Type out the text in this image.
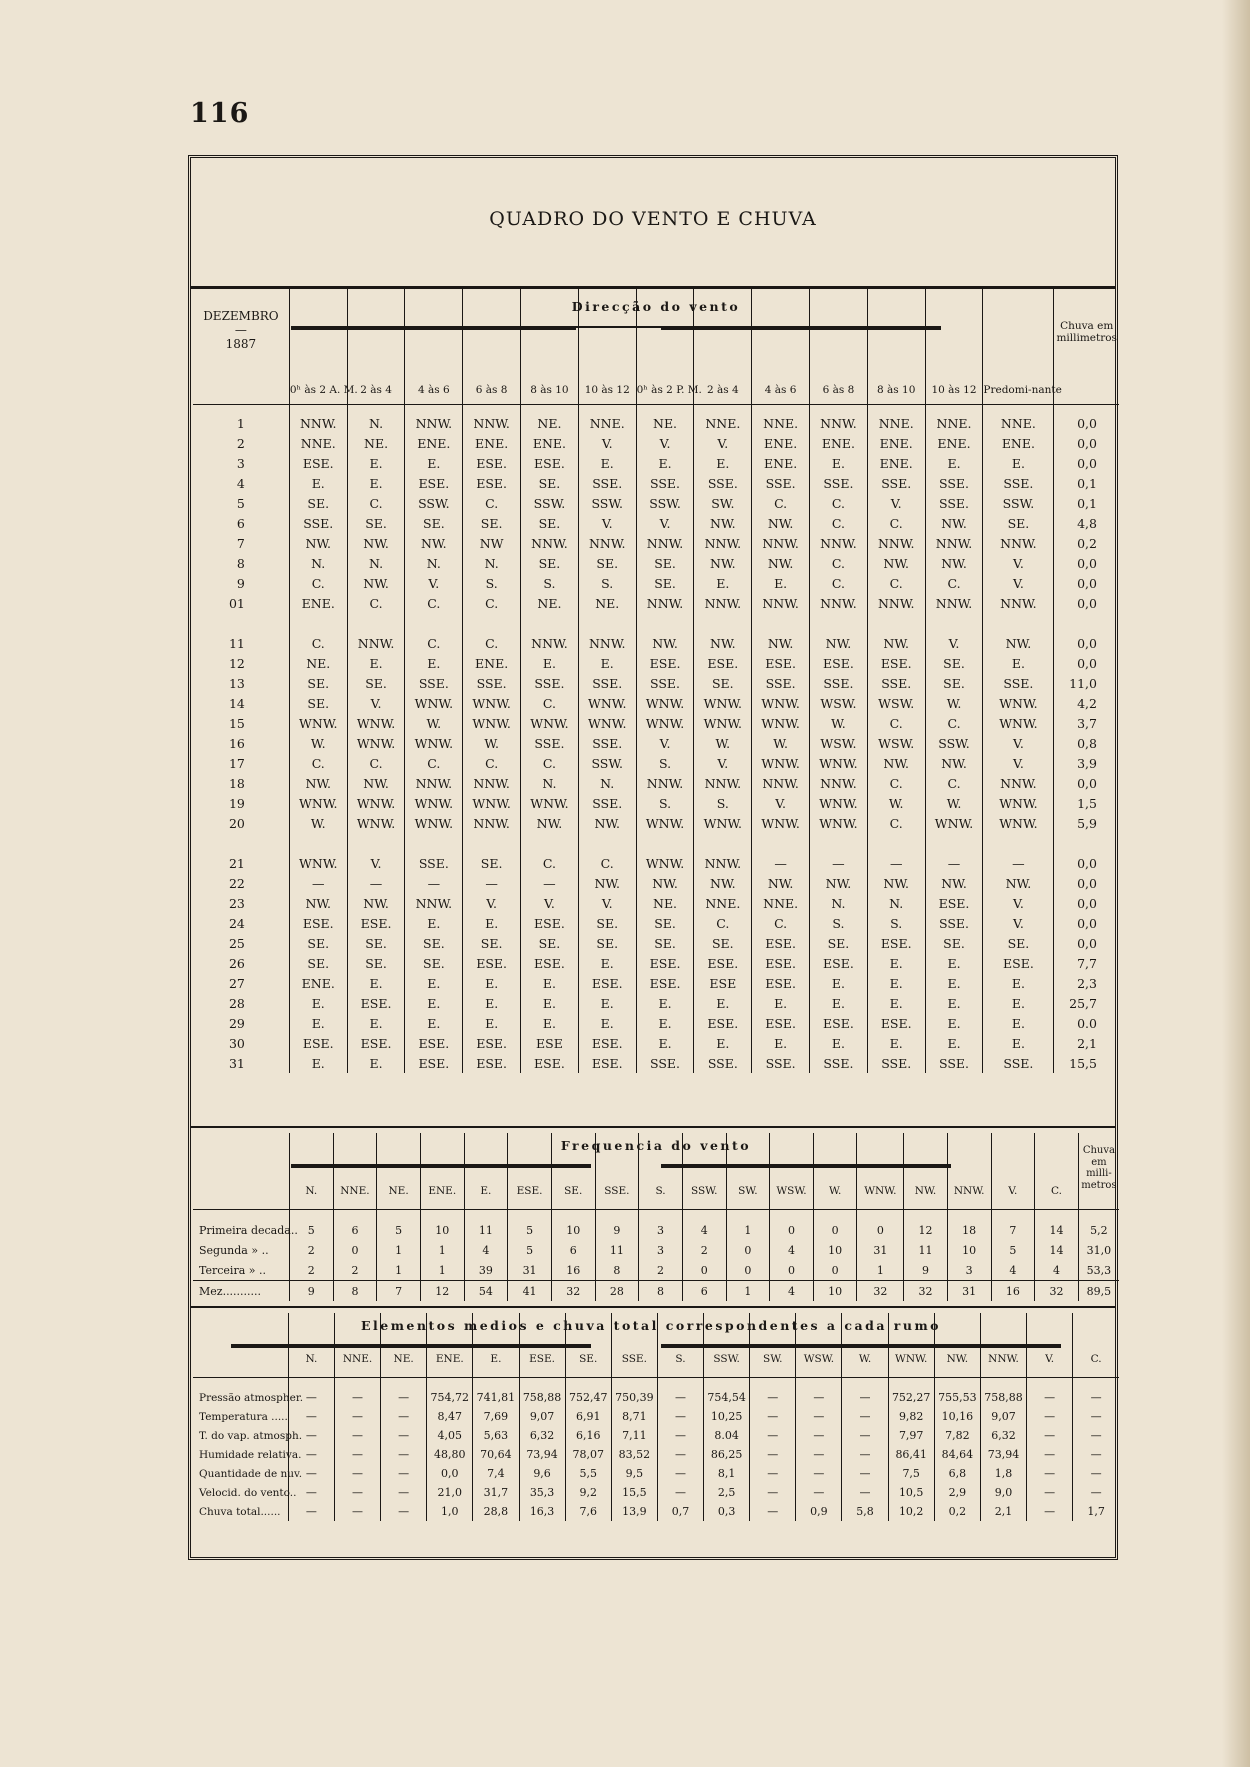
116
QUADRO DO VENTO E CHUVA
Direcção do vento
DEZEMBRO
—
1887	0ʰ às 2 A. M.	2 às 4	4 às 6	6 às 8	8 às 10	10 às 12	0ʰ às 2 P. M.	2 às 4	4 às 6	6 às 8	8 às 10	10 às 12	Predomi-nante	Chuva em millimetros
1	NNW.	N.	NNW.	NNW.	NE.	NNE.	NE.	NNE.	NNE.	NNW.	NNE.	NNE.	NNE.	0,0
2	NNE.	NE.	ENE.	ENE.	ENE.	V.	V.	V.	ENE.	ENE.	ENE.	ENE.	ENE.	0,0
3	ESE.	E.	E.	ESE.	ESE.	E.	E.	E.	ENE.	E.	ENE.	E.	E.	0,0
4	E.	E.	ESE.	ESE.	SE.	SSE.	SSE.	SSE.	SSE.	SSE.	SSE.	SSE.	SSE.	0,1
5	SE.	C.	SSW.	C.	SSW.	SSW.	SSW.	SW.	C.	C.	V.	SSE.	SSW.	0,1
6	SSE.	SE.	SE.	SE.	SE.	V.	V.	NW.	NW.	C.	C.	NW.	SE.	4,8
7	NW.	NW.	NW.	NW	NNW.	NNW.	NNW.	NNW.	NNW.	NNW.	NNW.	NNW.	NNW.	0,2
8	N.	N.	N.	N.	SE.	SE.	SE.	NW.	NW.	C.	NW.	NW.	V.	0,0
9	C.	NW.	V.	S.	S.	S.	SE.	E.	E.	C.	C.	C.	V.	0,0
01	ENE.	C.	C.	C.	NE.	NE.	NNW.	NNW.	NNW.	NNW.	NNW.	NNW.	NNW.	0,0

11	C.	NNW.	C.	C.	NNW.	NNW.	NW.	NW.	NW.	NW.	NW.	V.	NW.	0,0
12	NE.	E.	E.	ENE.	E.	E.	ESE.	ESE.	ESE.	ESE.	ESE.	SE.	E.	0,0
13	SE.	SE.	SSE.	SSE.	SSE.	SSE.	SSE.	SE.	SSE.	SSE.	SSE.	SE.	SSE.	11,0
14	SE.	V.	WNW.	WNW.	C.	WNW.	WNW.	WNW.	WNW.	WSW.	WSW.	W.	WNW.	4,2
15	WNW.	WNW.	W.	WNW.	WNW.	WNW.	WNW.	WNW.	WNW.	W.	C.	C.	WNW.	3,7
16	W.	WNW.	WNW.	W.	SSE.	SSE.	V.	W.	W.	WSW.	WSW.	SSW.	V.	0,8
17	C.	C.	C.	C.	C.	SSW.	S.	V.	WNW.	WNW.	NW.	NW.	V.	3,9
18	NW.	NW.	NNW.	NNW.	N.	N.	NNW.	NNW.	NNW.	NNW.	C.	C.	NNW.	0,0
19	WNW.	WNW.	WNW.	WNW.	WNW.	SSE.	S.	S.	V.	WNW.	W.	W.	WNW.	1,5
20	W.	WNW.	WNW.	NNW.	NW.	NW.	WNW.	WNW.	WNW.	WNW.	C.	WNW.	WNW.	5,9

21	WNW.	V.	SSE.	SE.	C.	C.	WNW.	NNW.	—	—	—	—	—	0,0
22	—	—	—	—	—	NW.	NW.	NW.	NW.	NW.	NW.	NW.	NW.	0,0
23	NW.	NW.	NNW.	V.	V.	V.	NE.	NNE.	NNE.	N.	N.	ESE.	V.	0,0
24	ESE.	ESE.	E.	E.	ESE.	SE.	SE.	C.	C.	S.	S.	SSE.	V.	0,0
25	SE.	SE.	SE.	SE.	SE.	SE.	SE.	SE.	ESE.	SE.	ESE.	SE.	SE.	0,0
26	SE.	SE.	SE.	ESE.	ESE.	E.	ESE.	ESE.	ESE.	ESE.	E.	E.	ESE.	7,7
27	ENE.	E.	E.	E.	E.	ESE.	ESE.	ESE	ESE.	E.	E.	E.	E.	2,3
28	E.	ESE.	E.	E.	E.	E.	E.	E.	E.	E.	E.	E.	E.	25,7
29	E.	E.	E.	E.	E.	E.	E.	ESE.	ESE.	ESE.	ESE.	E.	E.	0.0
30	ESE.	ESE.	ESE.	ESE.	ESE	ESE.	E.	E.	E.	E.	E.	E.	E.	2,1
31	E.	E.	ESE.	ESE.	ESE.	ESE.	SSE.	SSE.	SSE.	SSE.	SSE.	SSE.	SSE.	15,5
Frequencia do vento
	N.	NNE.	NE.	ENE.	E.	ESE.	SE.	SSE.	S.	SSW.	SW.	WSW.	W.	WNW.	NW.	NNW.	V.	C.	Chuva em milli-metros
Primeira decada..	5	6	5	10	11	5	10	9	3	4	1	0	0	0	12	18	7	14	5,2
Segunda » ..	2	0	1	1	4	5	6	11	3	2	0	4	10	31	11	10	5	14	31,0
Terceira » ..	2	2	1	1	39	31	16	8	2	0	0	0	0	1	9	3	4	4	53,3
Mez...........	9	8	7	12	54	41	32	28	8	6	1	4	10	32	32	31	16	32	89,5
Elementos medios e chuva total correspondentes a cada rumo
	N.	NNE.	NE.	ENE.	E.	ESE.	SE.	SSE.	S.	SSW.	SW.	WSW.	W.	WNW.	NW.	NNW.	V.	C.
Pressão atmospher.	—	—	—	754,72	741,81	758,88	752,47	750,39	—	754,54	—	—	—	752,27	755,53	758,88	—	—
Temperatura .....	—	—	—	8,47	7,69	9,07	6,91	8,71	—	10,25	—	—	—	9,82	10,16	9,07	—	—
T. do vap. atmosph.	—	—	—	4,05	5,63	6,32	6,16	7,11	—	8.04	—	—	—	7,97	7,82	6,32	—	—
Humidade relativa.	—	—	—	48,80	70,64	73,94	78,07	83,52	—	86,25	—	—	—	86,41	84,64	73,94	—	—
Quantidade de nuv.	—	—	—	0,0	7,4	9,6	5,5	9,5	—	8,1	—	—	—	7,5	6,8	1,8	—	—
Velocid. do vento..	—	—	—	21,0	31,7	35,3	9,2	15,5	—	2,5	—	—	—	10,5	2,9	9,0	—	—
Chuva total......	—	—	—	1,0	28,8	16,3	7,6	13,9	0,7	0,3	—	0,9	5,8	10,2	0,2	2,1	—	1,7
